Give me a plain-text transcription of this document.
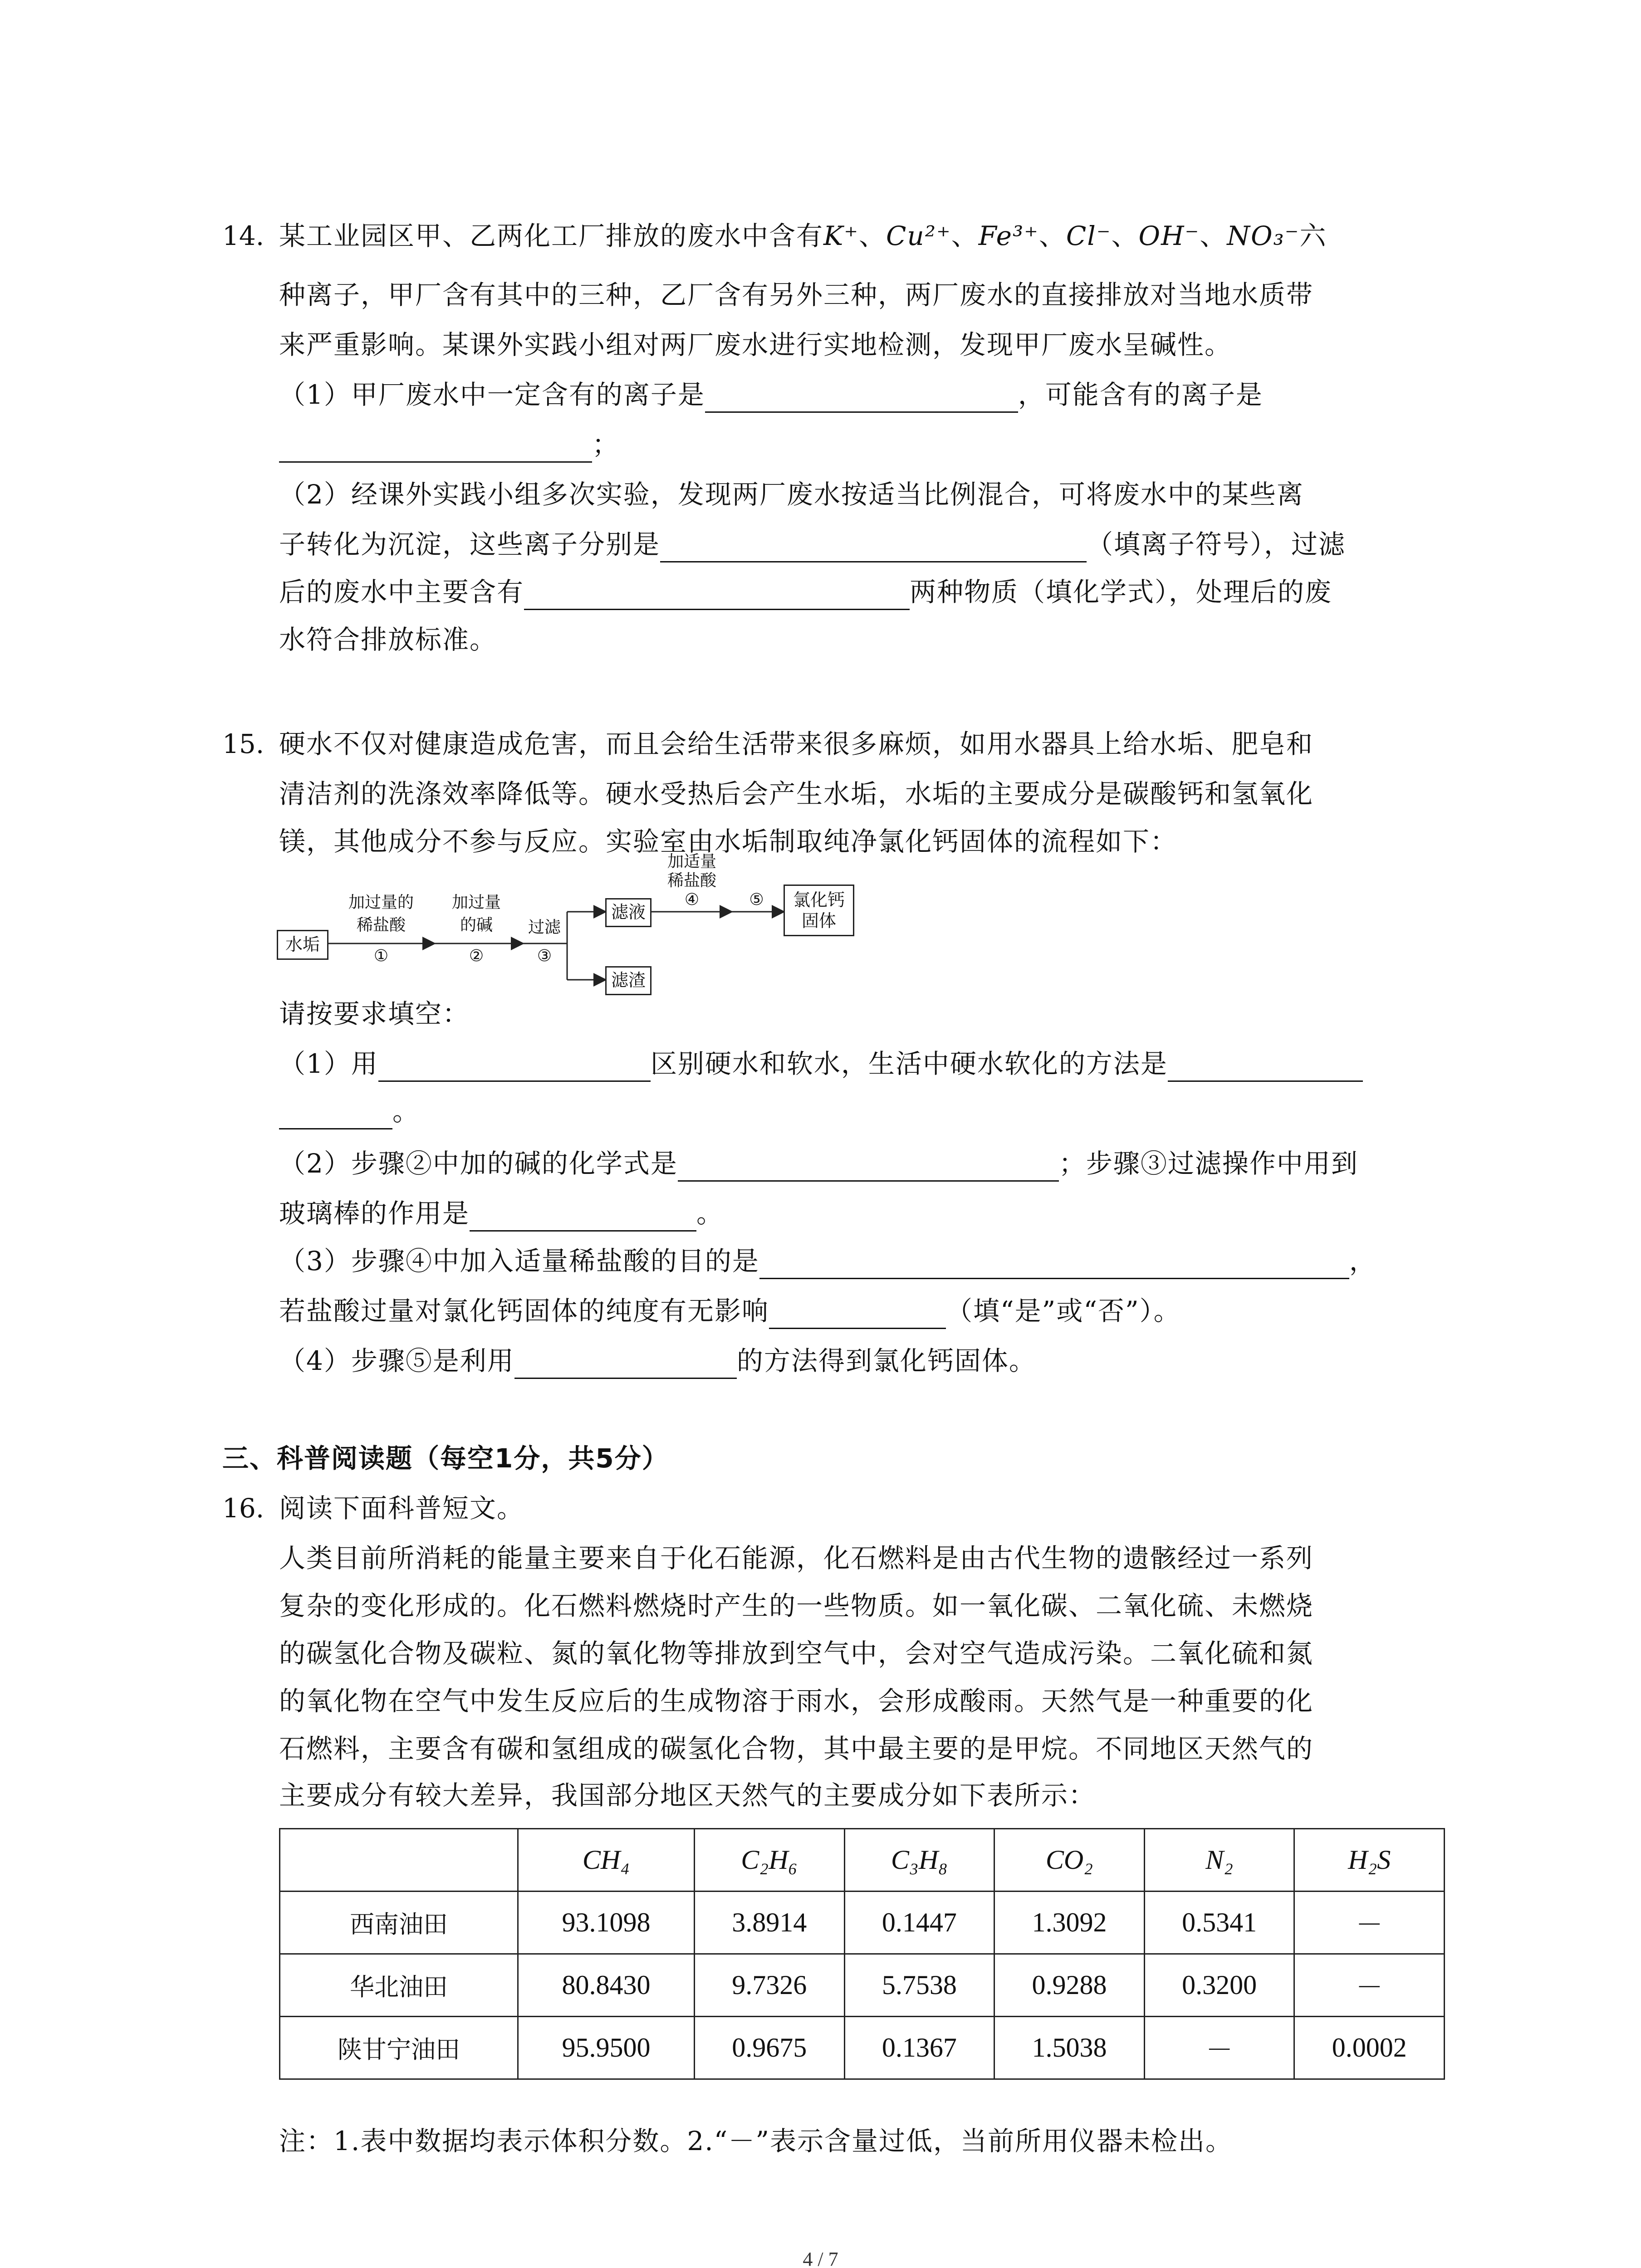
14. 某工业园区甲、乙两化工厂排放的废水中含有K⁺、Cu²⁺、Fe³⁺、Cl⁻、OH⁻、NO₃⁻六
种离子，甲厂含有其中的三种，乙厂含有另外三种，两厂废水的直接排放对当地水质带
来严重影响。某课外实践小组对两厂废水进行实地检测，发现甲厂废水呈碱性。
（1）甲厂废水中一定含有的离子是	，可能含有的离子是
；
（2）经课外实践小组多次实验，发现两厂废水按适当比例混合，可将废水中的某些离
子转化为沉淀，这些离子分别是	（填离子符号），过滤
后的废水中主要含有	两种物质（填化学式），处理后的废
水符合排放标准。
15. 硬水不仅对健康造成危害，而且会给生活带来很多麻烦，如用水器具上给水垢、肥皂和
清洁剂的洗涤效率降低等。硬水受热后会产生水垢，水垢的主要成分是碳酸钙和氢氧化
镁，其他成分不参与反应。实验室由水垢制取纯净氯化钙固体的流程如下：
水垢
加过量的
稀盐酸
①
加过量
的碱
②
过滤
③
滤液
滤渣
加适量
稀盐酸
④	⑤	氯化钙
固体
请按要求填空：
（1）用	区别硬水和软水，生活中硬水软化的方法是
。
（2）步骤②中加的碱的化学式是	；步骤③过滤操作中用到
玻璃棒的作用是	。
（3）步骤④中加入适量稀盐酸的目的是	，
若盐酸过量对氯化钙固体的纯度有无影响	（填“是”或“否”）。
（4）步骤⑤是利用	的方法得到氯化钙固体。
三、科普阅读题（每空1分，共5分）
16. 阅读下面科普短文。
人类目前所消耗的能量主要来自于化石能源，化石燃料是由古代生物的遗骸经过一系列
复杂的变化形成的。化石燃料燃烧时产生的一些物质。如一氧化碳、二氧化硫、未燃烧
的碳氢化合物及碳粒、氮的氧化物等排放到空气中，会对空气造成污染。二氧化硫和氮
的氧化物在空气中发生反应后的生成物溶于雨水，会形成酸雨。天然气是一种重要的化
石燃料，主要含有碳和氢组成的碳氢化合物，其中最主要的是甲烷。不同地区天然气的
主要成分有较大差异，我国部分地区天然气的主要成分如下表所示：
	CH₄	C₂H₆	C₃H₈	CO₂	N₂	H₂S
西南油田	93.1098	3.8914	0.1447	1.3092	0.5341	－
华北油田	80.8430	9.7326	5.7538	0.9288	0.3200	－
陕甘宁油田	95.9500	0.9675	0.1367	1.5038	－	0.0002
注：1.表中数据均表示体积分数。2.“－”表示含量过低，当前所用仪器未检出。
4 / 7
